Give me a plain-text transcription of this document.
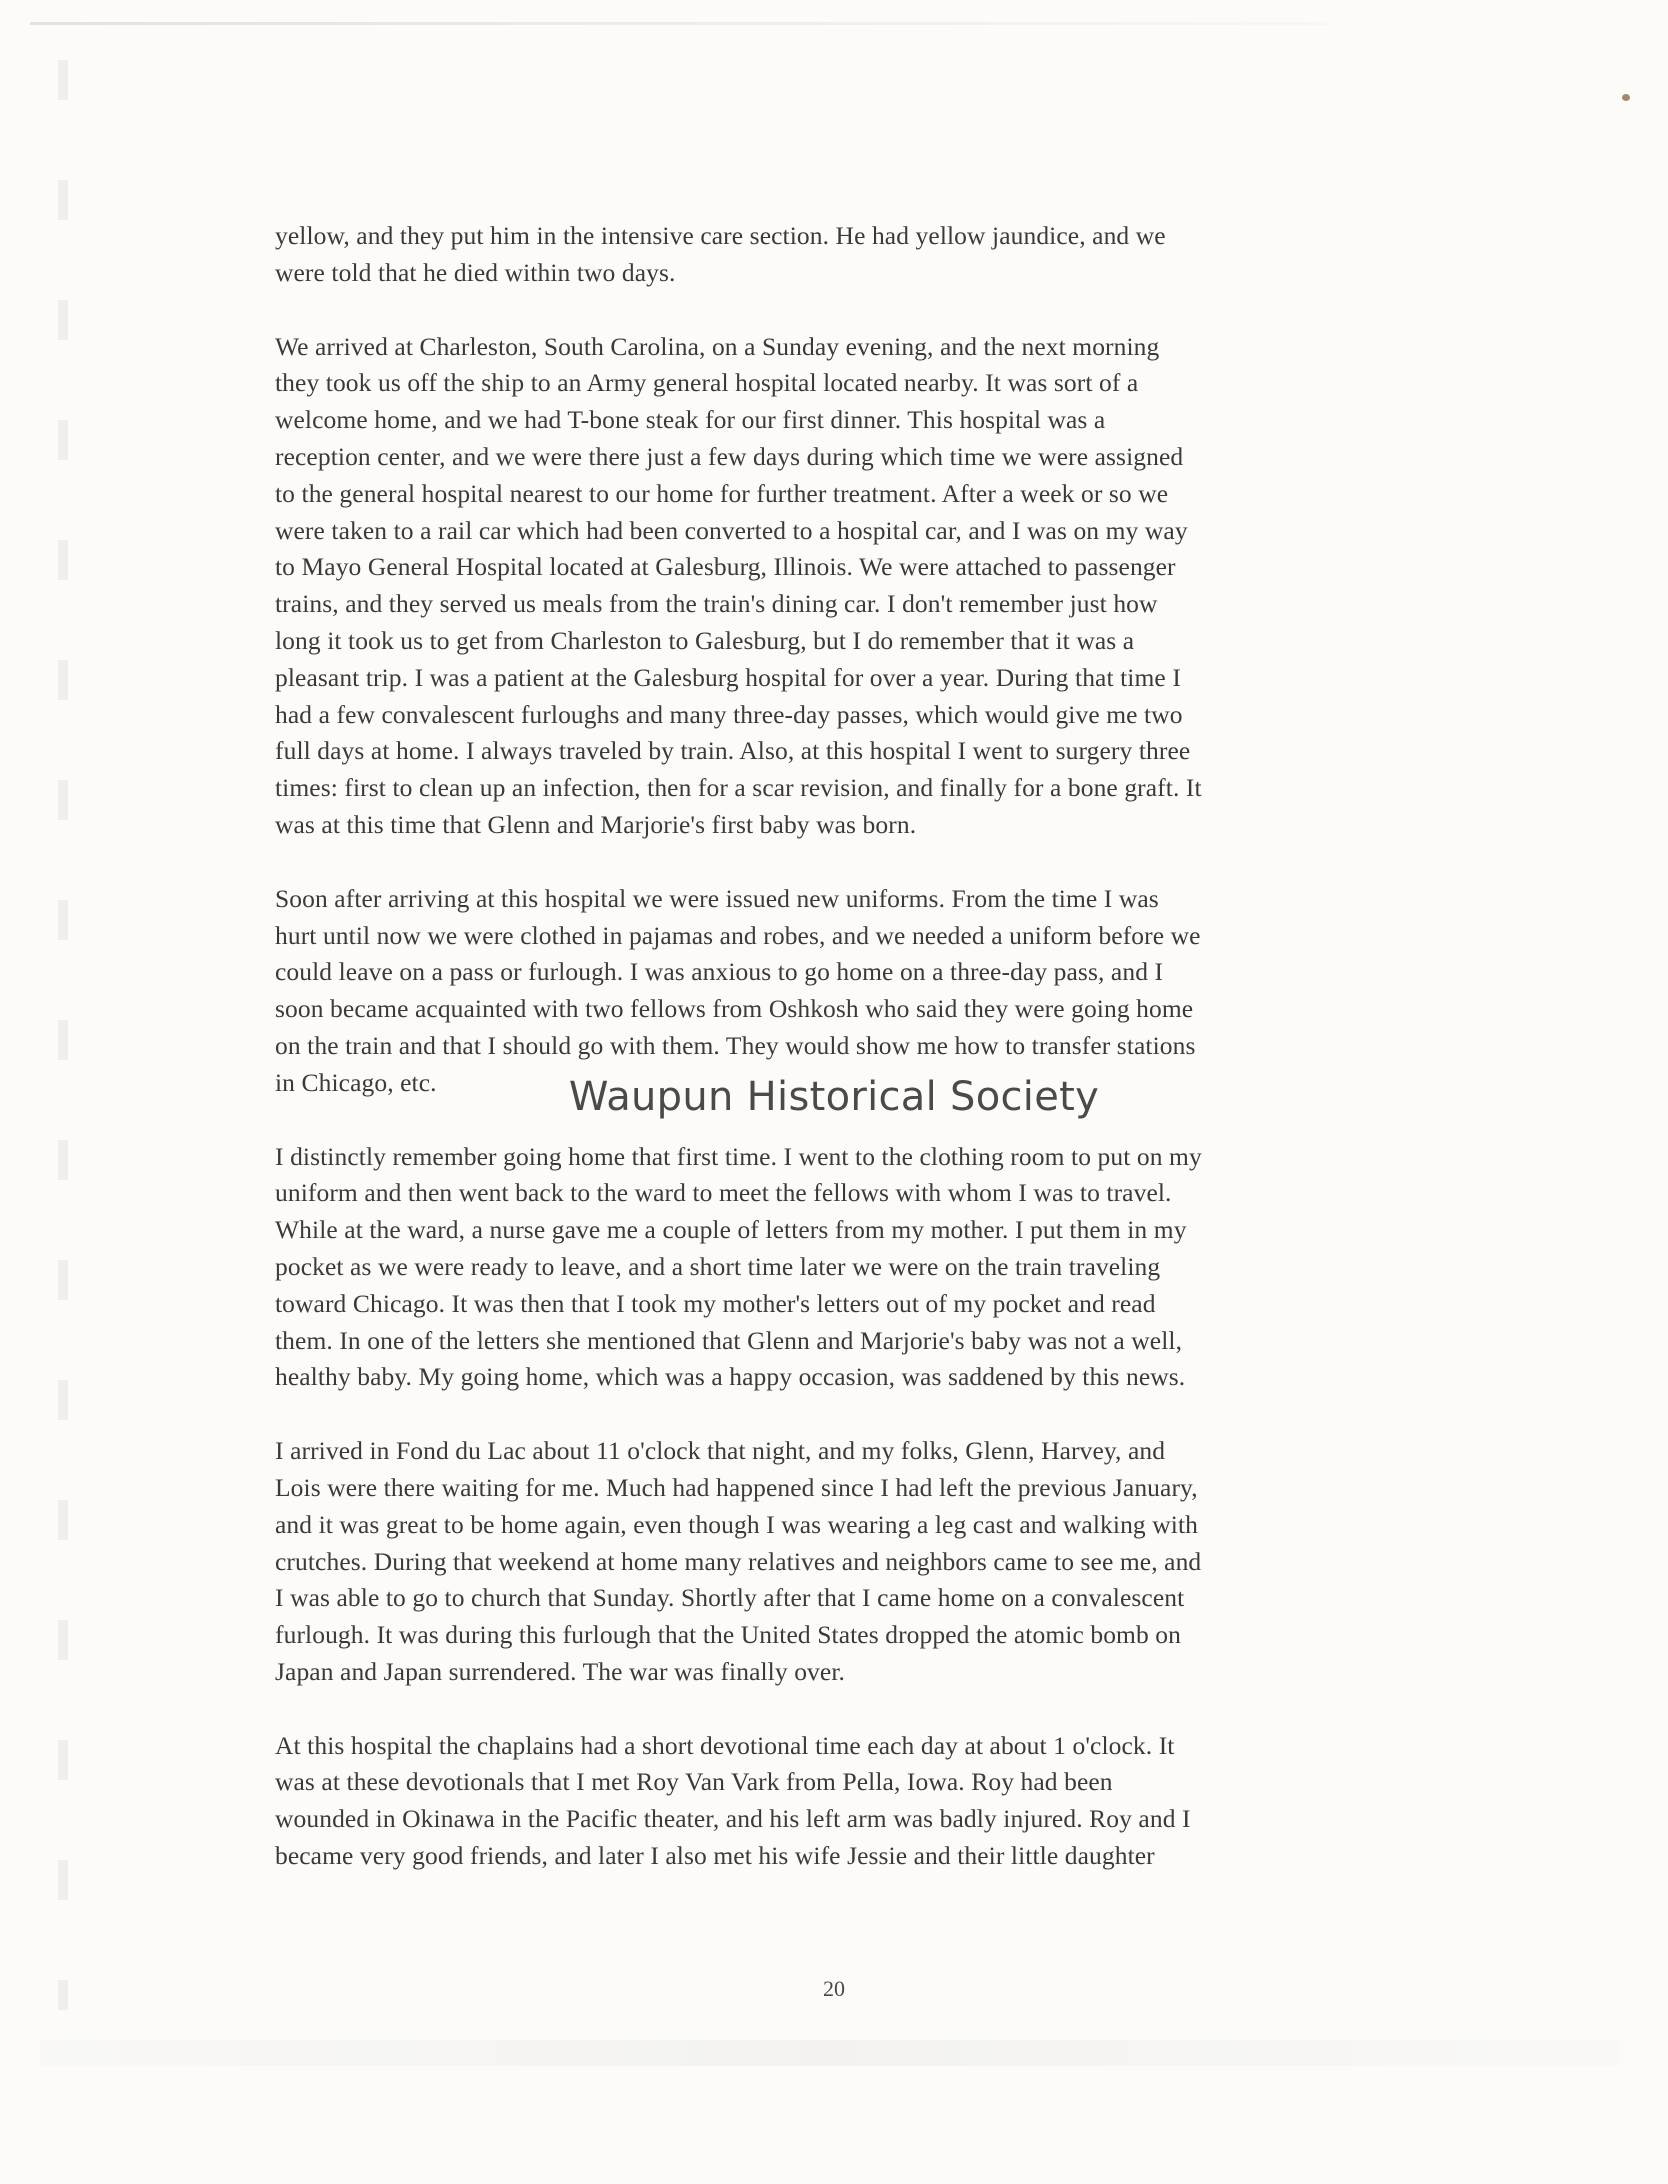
yellow, and they put him in the intensive care section. He had yellow jaundice, and we
were told that he died within two days.

We arrived at Charleston, South Carolina, on a Sunday evening, and the next morning
they took us off the ship to an Army general hospital located nearby. It was sort of a
welcome home, and we had T-bone steak for our first dinner. This hospital was a
reception center, and we were there just a few days during which time we were assigned
to the general hospital nearest to our home for further treatment. After a week or so we
were taken to a rail car which had been converted to a hospital car, and I was on my way
to Mayo General Hospital located at Galesburg, Illinois. We were attached to passenger
trains, and they served us meals from the train's dining car. I don't remember just how
long it took us to get from Charleston to Galesburg, but I do remember that it was a
pleasant trip. I was a patient at the Galesburg hospital for over a year. During that time I
had a few convalescent furloughs and many three-day passes, which would give me two
full days at home. I always traveled by train. Also, at this hospital I went to surgery three
times: first to clean up an infection, then for a scar revision, and finally for a bone graft. It
was at this time that Glenn and Marjorie's first baby was born.

Soon after arriving at this hospital we were issued new uniforms. From the time I was
hurt until now we were clothed in pajamas and robes, and we needed a uniform before we
could leave on a pass or furlough. I was anxious to go home on a three-day pass, and I
soon became acquainted with two fellows from Oshkosh who said they were going home
on the train and that I should go with them. They would show me how to transfer stations
in Chicago, etc.

I distinctly remember going home that first time. I went to the clothing room to put on my
uniform and then went back to the ward to meet the fellows with whom I was to travel.
While at the ward, a nurse gave me a couple of letters from my mother. I put them in my
pocket as we were ready to leave, and a short time later we were on the train traveling
toward Chicago. It was then that I took my mother's letters out of my pocket and read
them. In one of the letters she mentioned that Glenn and Marjorie's baby was not a well,
healthy baby. My going home, which was a happy occasion, was saddened by this news.

I arrived in Fond du Lac about 11 o'clock that night, and my folks, Glenn, Harvey, and
Lois were there waiting for me. Much had happened since I had left the previous January,
and it was great to be home again, even though I was wearing a leg cast and walking with
crutches. During that weekend at home many relatives and neighbors came to see me, and
I was able to go to church that Sunday. Shortly after that I came home on a convalescent
furlough. It was during this furlough that the United States dropped the atomic bomb on
Japan and Japan surrendered. The war was finally over.

At this hospital the chaplains had a short devotional time each day at about 1 o'clock. It
was at these devotionals that I met Roy Van Vark from Pella, Iowa. Roy had been
wounded in Okinawa in the Pacific theater, and his left arm was badly injured. Roy and I
became very good friends, and later I also met his wife Jessie and their little daughter

Waupun Historical Society
20
